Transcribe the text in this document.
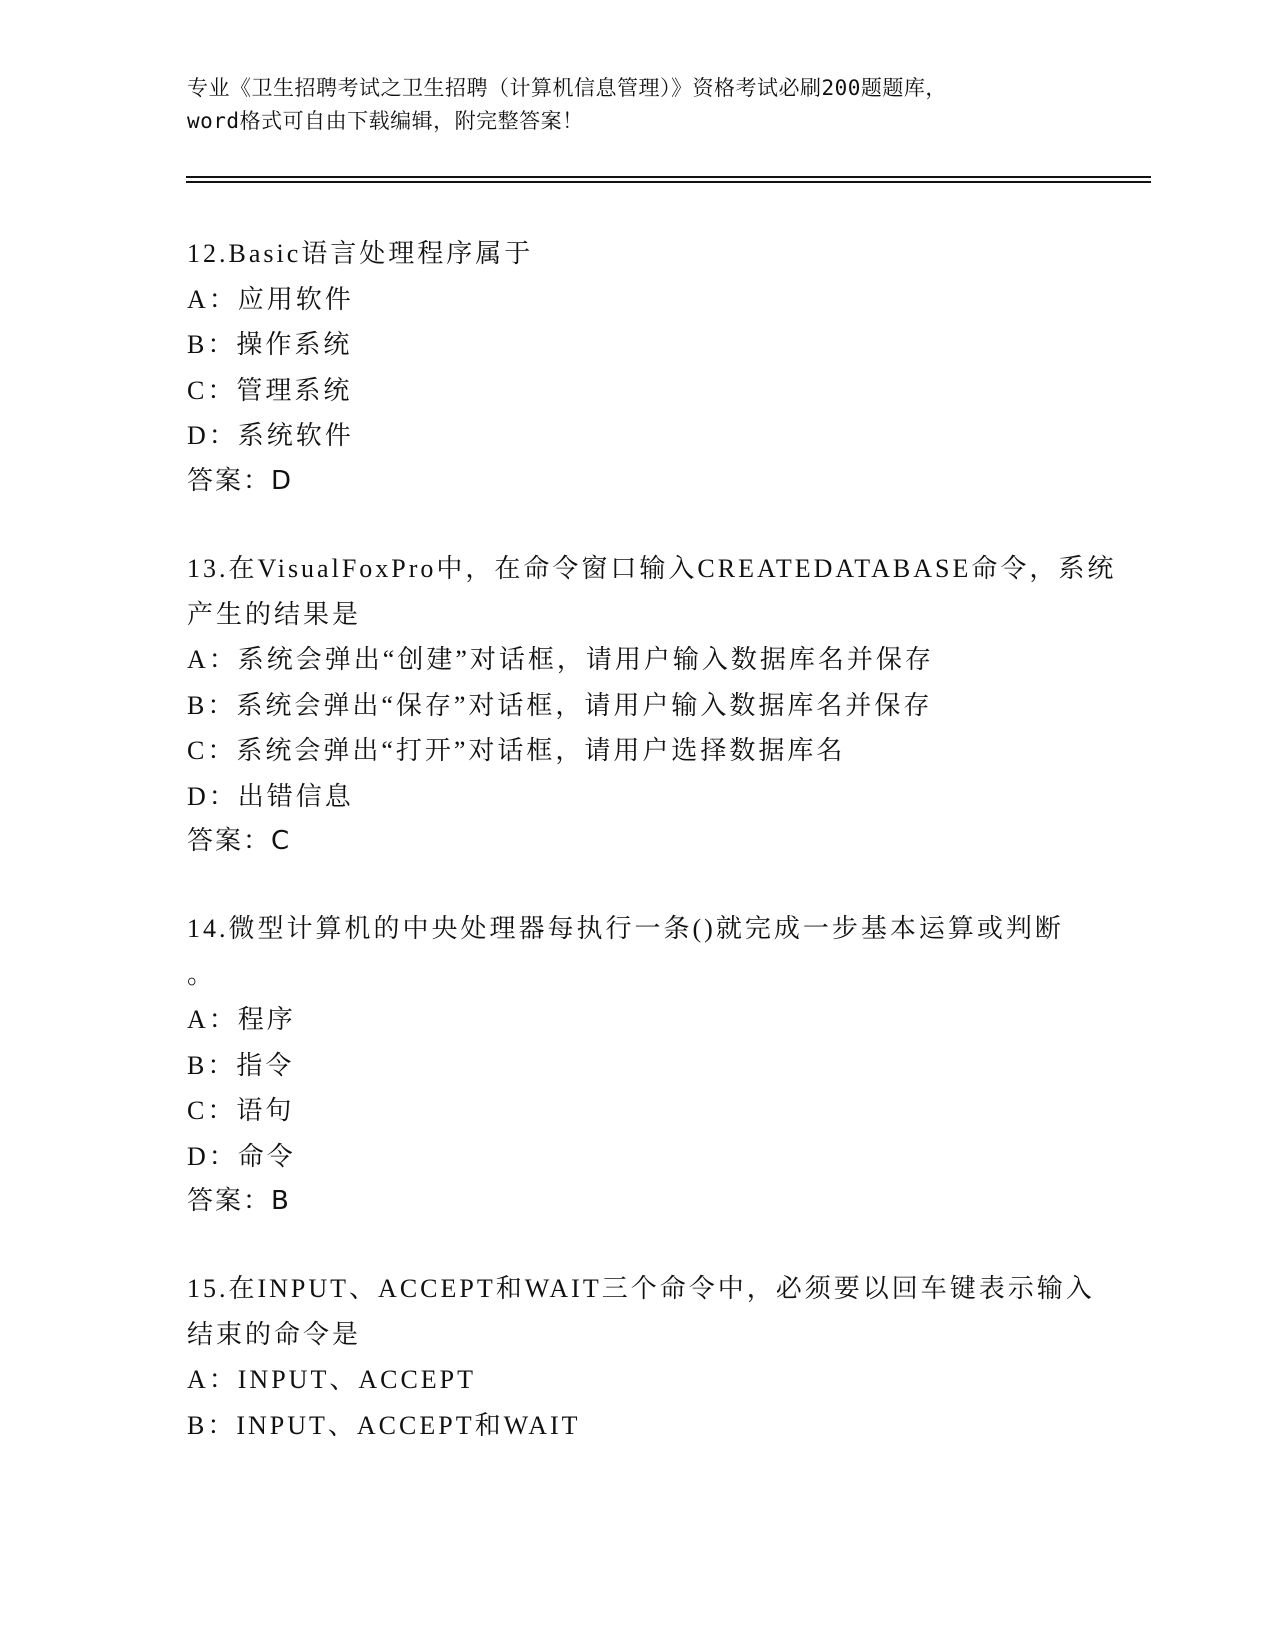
专业《卫生招聘考试之卫生招聘（计算机信息管理）》资格考试必刷200题题库，
word格式可自由下载编辑，附完整答案！
12.Basic语言处理程序属于
A：应用软件
B：操作系统
C：管理系统
D：系统软件
答案：D
13.在VisualFoxPro中，在命令窗口输入CREATEDATABASE命令，系统
产生的结果是
A：系统会弹出“创建”对话框，请用户输入数据库名并保存
B：系统会弹出“保存”对话框，请用户输入数据库名并保存
C：系统会弹出“打开”对话框，请用户选择数据库名
D：出错信息
答案：C
14.微型计算机的中央处理器每执行一条()就完成一步基本运算或判断
。
A：程序
B：指令
C：语句
D：命令
答案：B
15.在INPUT、ACCEPT和WAIT三个命令中，必须要以回车键表示输入
结束的命令是
A：INPUT、ACCEPT
B：INPUT、ACCEPT和WAIT
